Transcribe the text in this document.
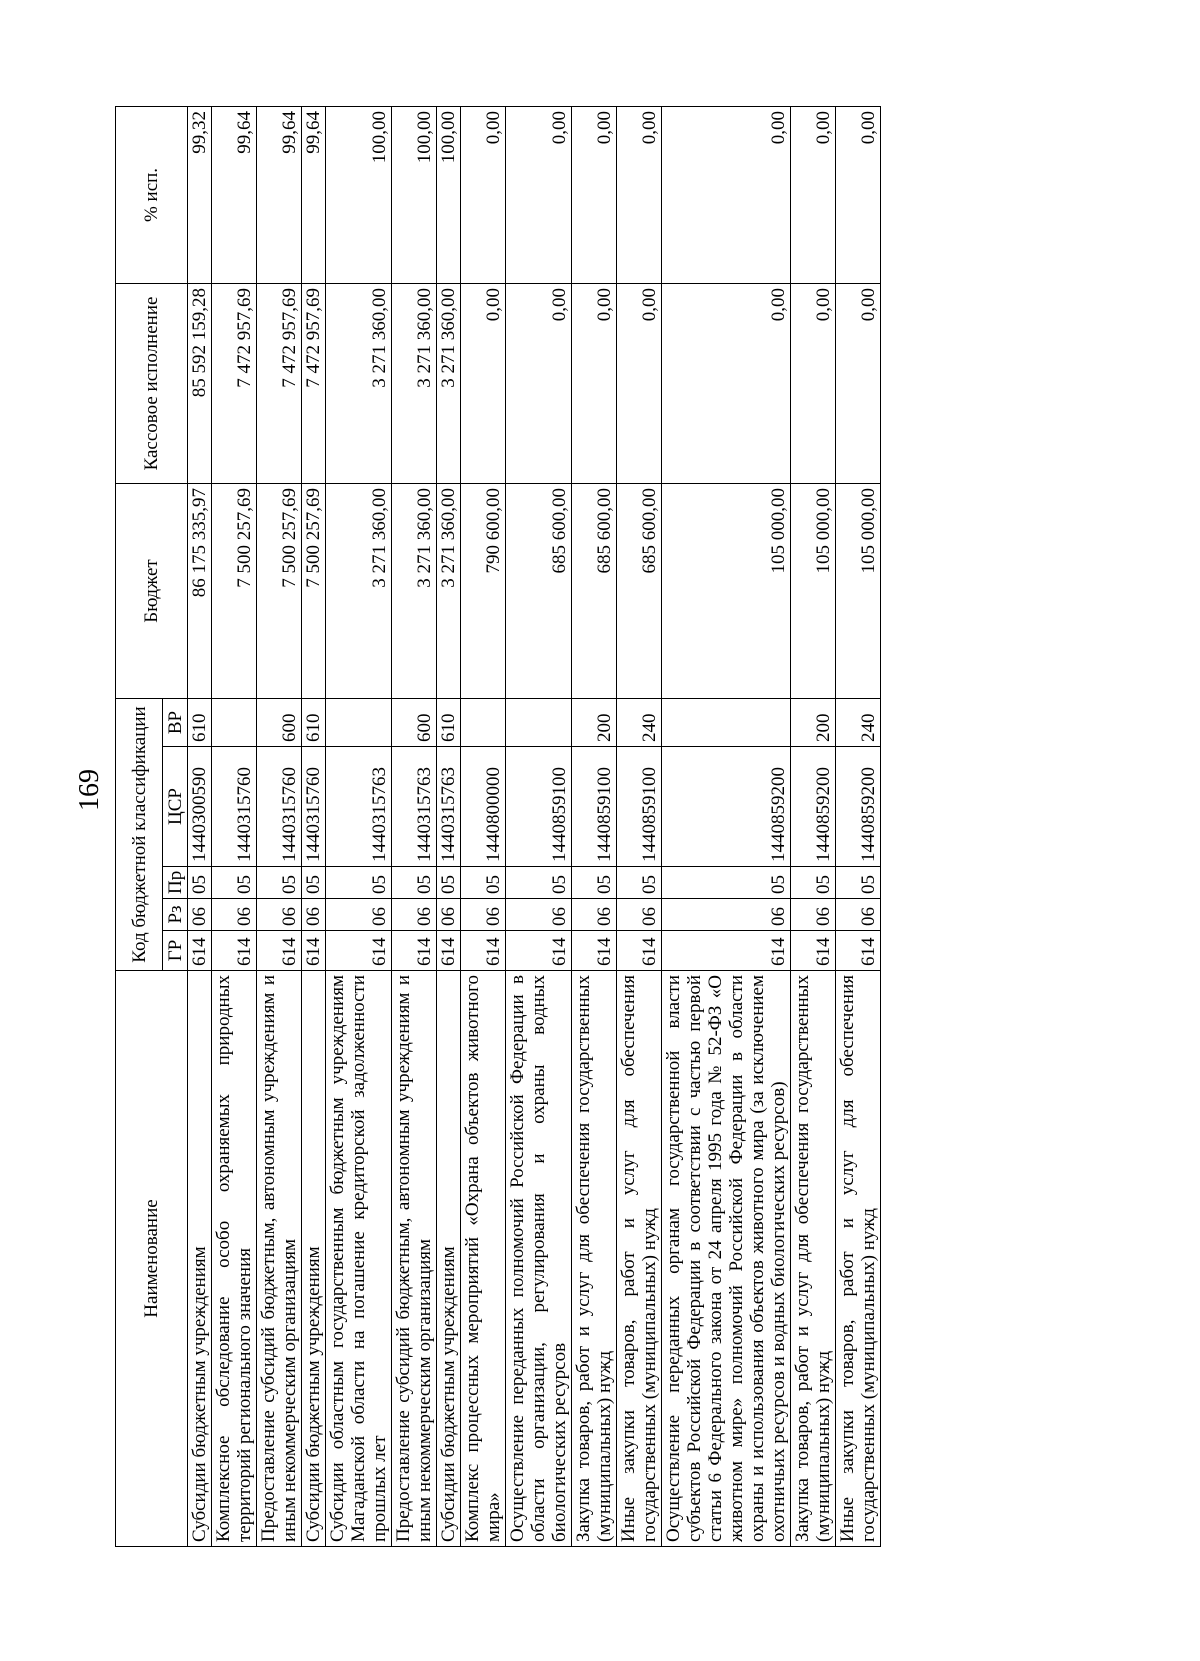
169
Наименование	Код бюджетной классификации					Бюджет	Кассовое исполнение	% исп.
	ГР	Рз	Пр	ЦСР	ВР			
Субсидии бюджетным учреждениям	614	06	05	1440300590	610	86 175 335,97	85 592 159,28	99,32
Комплексное обследование особо охраняемых природных территорий регионального значения	614	06	05	1440315760		7 500 257,69	7 472 957,69	99,64
Предоставление субсидий бюджетным, автономным учреждениям и иным некоммерческим организациям	614	06	05	1440315760	600	7 500 257,69	7 472 957,69	99,64
Субсидии бюджетным учреждениям	614	06	05	1440315760	610	7 500 257,69	7 472 957,69	99,64
Субсидии областным государственным бюджетным учреждениям Магаданской области на погашение кредиторской задолженности прошлых лет	614	06	05	1440315763		3 271 360,00	3 271 360,00	100,00
Предоставление субсидий бюджетным, автономным учреждениям и иным некоммерческим организациям	614	06	05	1440315763	600	3 271 360,00	3 271 360,00	100,00
Субсидии бюджетным учреждениям	614	06	05	1440315763	610	3 271 360,00	3 271 360,00	100,00
Комплекс процессных мероприятий «Охрана объектов животного мира»	614	06	05	1440800000		790 600,00	0,00	0,00
Осуществление переданных полномочий Российской Федерации в области организации, регулирования и охраны водных биологических ресурсов	614	06	05	1440859100		685 600,00	0,00	0,00
Закупка товаров, работ и услуг для обеспечения государственных (муниципальных) нужд	614	06	05	1440859100	200	685 600,00	0,00	0,00
Иные закупки товаров, работ и услуг для обеспечения государственных (муниципальных) нужд	614	06	05	1440859100	240	685 600,00	0,00	0,00
Осуществление переданных органам государственной власти субъектов Российской Федерации в соответствии с частью первой статьи 6 Федерального закона от 24 апреля 1995 года № 52-ФЗ «О животном мире» полномочий Российской Федерации в области охраны и использования объектов животного мира (за исключением охотничьих ресурсов и водных биологических ресурсов)	614	06	05	1440859200		105 000,00	0,00	0,00
Закупка товаров, работ и услуг для обеспечения государственных (муниципальных) нужд	614	06	05	1440859200	200	105 000,00	0,00	0,00
Иные закупки товаров, работ и услуг для обеспечения государственных (муниципальных) нужд	614	06	05	1440859200	240	105 000,00	0,00	0,00
